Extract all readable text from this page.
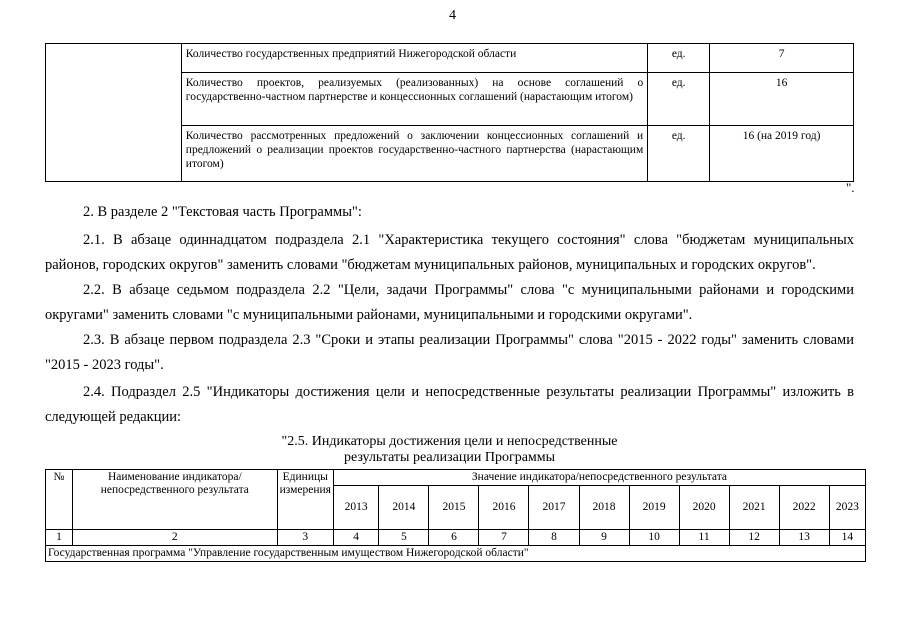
4
	Количество государственных предприятий Нижегородской области	ед.	7
	Количество проектов, реализуемых (реализованных) на основе соглашений о государственно-частном партнерстве и концессионных соглашений (нарастающим итогом)	ед.	16
	Количество рассмотренных предложений о заключении концессионных соглашений и предложений о реализации проектов государственно-частного партнерства (нарастающим итогом)	ед.	16 (на 2019 год)
".
2. В разделе 2 "Текстовая часть Программы":
2.1. В абзаце одиннадцатом подраздела 2.1 "Характеристика текущего состояния" слова "бюджетам муниципальных районов, городских округов" заменить словами "бюджетам муниципальных районов, муниципальных и городских округов".
2.2. В абзаце седьмом подраздела 2.2 "Цели, задачи Программы" слова "с муниципальными районами и городскими округами" заменить словами "с муниципальными районами, муниципальными и городскими округами".
2.3. В абзаце первом подраздела 2.3 "Сроки и этапы реализации Программы" слова "2015 - 2022 годы" заменить словами "2015 - 2023 годы".
2.4. Подраздел 2.5 "Индикаторы достижения цели и непосредственные результаты реализации Программы" изложить в следующей редакции:
"2.5. Индикаторы достижения цели и непосредственные
результаты реализации Программы
№	Наименование индикатора/непосредственного результата	Единицы измерения	Значение индикатора/непосредственного результата										
			2013	2014	2015	2016	2017	2018	2019	2020	2021	2022	2023
1	2	3	4	5	6	7	8	9	10	11	12	13	14
Государственная программа "Управление государственным имуществом Нижегородской области"													
